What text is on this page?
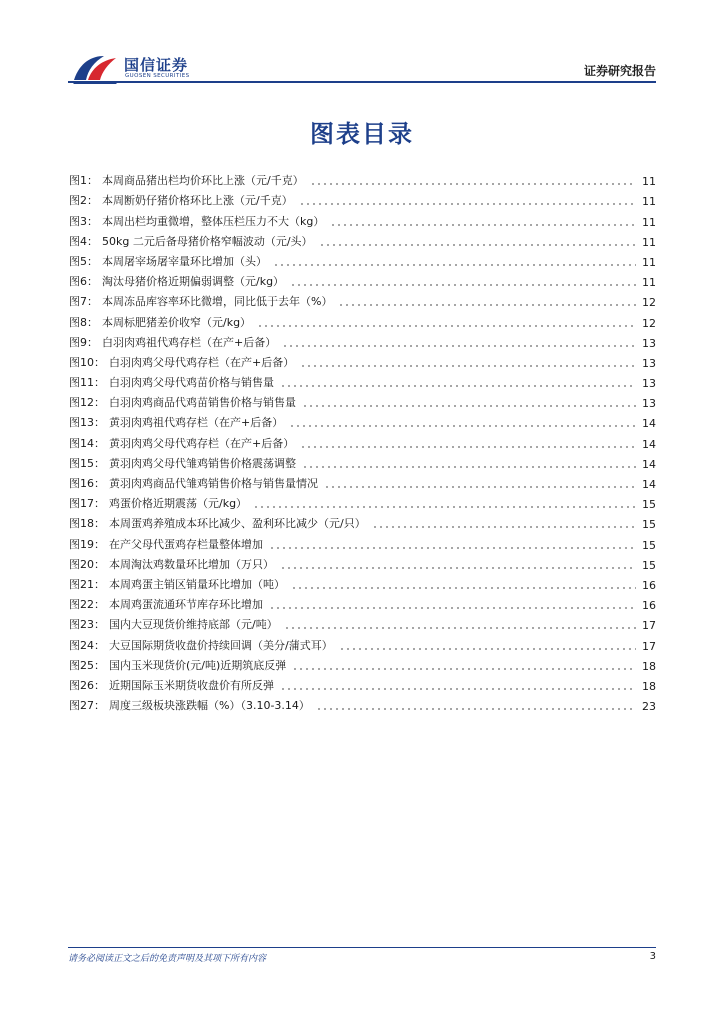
国信证券
GUOSEN SECURITIES	证券研究报告
图表目录
图1： 本周商品猪出栏均价环比上涨（元/千克）	11
图2： 本周断奶仔猪价格环比上涨（元/千克）	11
图3： 本周出栏均重微增，整体压栏压力不大（kg）	11
图4： 50kg 二元后备母猪价格窄幅波动（元/头）	11
图5： 本周屠宰场屠宰量环比增加（头）	11
图6： 淘汰母猪价格近期偏弱调整（元/kg）	11
图7： 本周冻品库容率环比微增，同比低于去年（%）	12
图8： 本周标肥猪差价收窄（元/kg）	12
图9： 白羽肉鸡祖代鸡存栏（在产+后备）	13
图10： 白羽肉鸡父母代鸡存栏（在产+后备）	13
图11： 白羽肉鸡父母代鸡苗价格与销售量	13
图12： 白羽肉鸡商品代鸡苗销售价格与销售量	13
图13： 黄羽肉鸡祖代鸡存栏（在产+后备）	14
图14： 黄羽肉鸡父母代鸡存栏（在产+后备）	14
图15： 黄羽肉鸡父母代雏鸡销售价格震荡调整	14
图16： 黄羽肉鸡商品代雏鸡销售价格与销售量情况	14
图17： 鸡蛋价格近期震荡（元/kg）	15
图18： 本周蛋鸡养殖成本环比减少、盈利环比减少（元/只）	15
图19： 在产父母代蛋鸡存栏量整体增加	15
图20： 本周淘汰鸡数量环比增加（万只）	15
图21： 本周鸡蛋主销区销量环比增加（吨）	16
图22： 本周鸡蛋流通环节库存环比增加	16
图23： 国内大豆现货价维持底部（元/吨）	17
图24： 大豆国际期货收盘价持续回调（美分/蒲式耳）	17
图25： 国内玉米现货价(元/吨)近期筑底反弹	18
图26： 近期国际玉米期货收盘价有所反弹	18
图27： 周度三级板块涨跌幅（%）（3.10-3.14）	23
请务必阅读正文之后的免责声明及其项下所有内容	3
